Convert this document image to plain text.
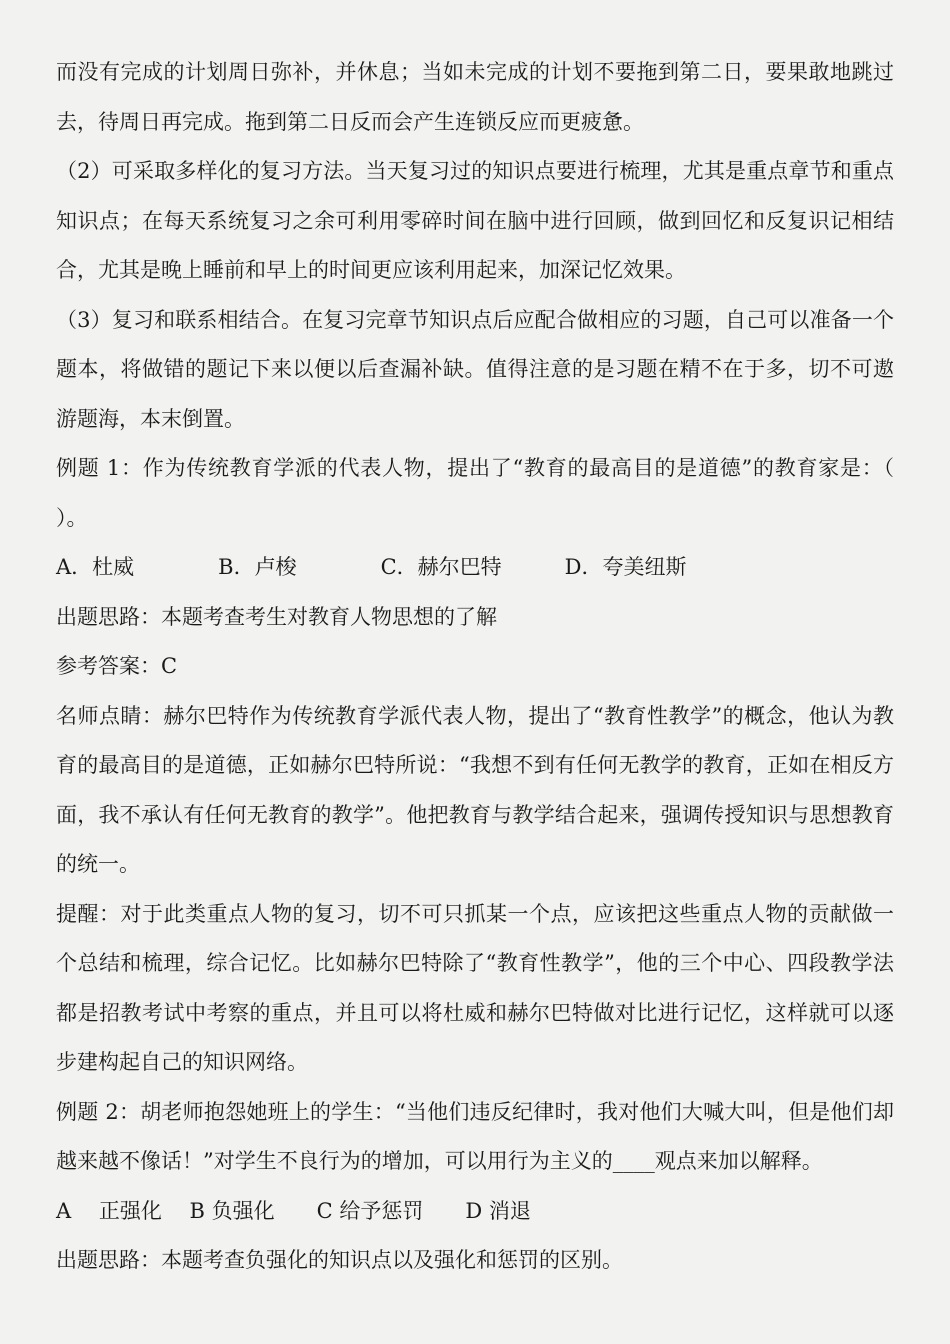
而没有完成的计划周日弥补，并休息；当如未完成的计划不要拖到第二日，要果敢地跳过去，待周日再完成。拖到第二日反而会产生连锁反应而更疲惫。

（2）可采取多样化的复习方法。当天复习过的知识点要进行梳理，尤其是重点章节和重点知识点；在每天系统复习之余可利用零碎时间在脑中进行回顾，做到回忆和反复识记相结合，尤其是晚上睡前和早上的时间更应该利用起来，加深记忆效果。

（3）复习和联系相结合。在复习完章节知识点后应配合做相应的习题，自己可以准备一个题本，将做错的题记下来以便以后查漏补缺。值得注意的是习题在精不在于多，切不可遨游题海，本末倒置。

例题 1：作为传统教育学派的代表人物，提出了“教育的最高目的是道德”的教育家是：（　　）。

A．杜威　　　　B．卢梭　　　　C．赫尔巴特　　　D．夸美纽斯

出题思路：本题考查考生对教育人物思想的了解

参考答案：C

名师点睛：赫尔巴特作为传统教育学派代表人物，提出了“教育性教学”的概念，他认为教育的最高目的是道德，正如赫尔巴特所说：“我想不到有任何无教学的教育，正如在相反方面，我不承认有任何无教育的教学”。他把教育与教学结合起来，强调传授知识与思想教育的统一。

提醒：对于此类重点人物的复习，切不可只抓某一个点，应该把这些重点人物的贡献做一个总结和梳理，综合记忆。比如赫尔巴特除了“教育性教学”，他的三个中心、四段教学法都是招教考试中考察的重点，并且可以将杜威和赫尔巴特做对比进行记忆，这样就可以逐步建构起自己的知识网络。

例题 2：胡老师抱怨她班上的学生：“当他们违反纪律时，我对他们大喊大叫，但是他们却越来越不像话！”对学生不良行为的增加，可以用行为主义的____观点来加以解释。

A　 正强化　 B 负强化　　C 给予惩罚　　D 消退

出题思路：本题考查负强化的知识点以及强化和惩罚的区别。
